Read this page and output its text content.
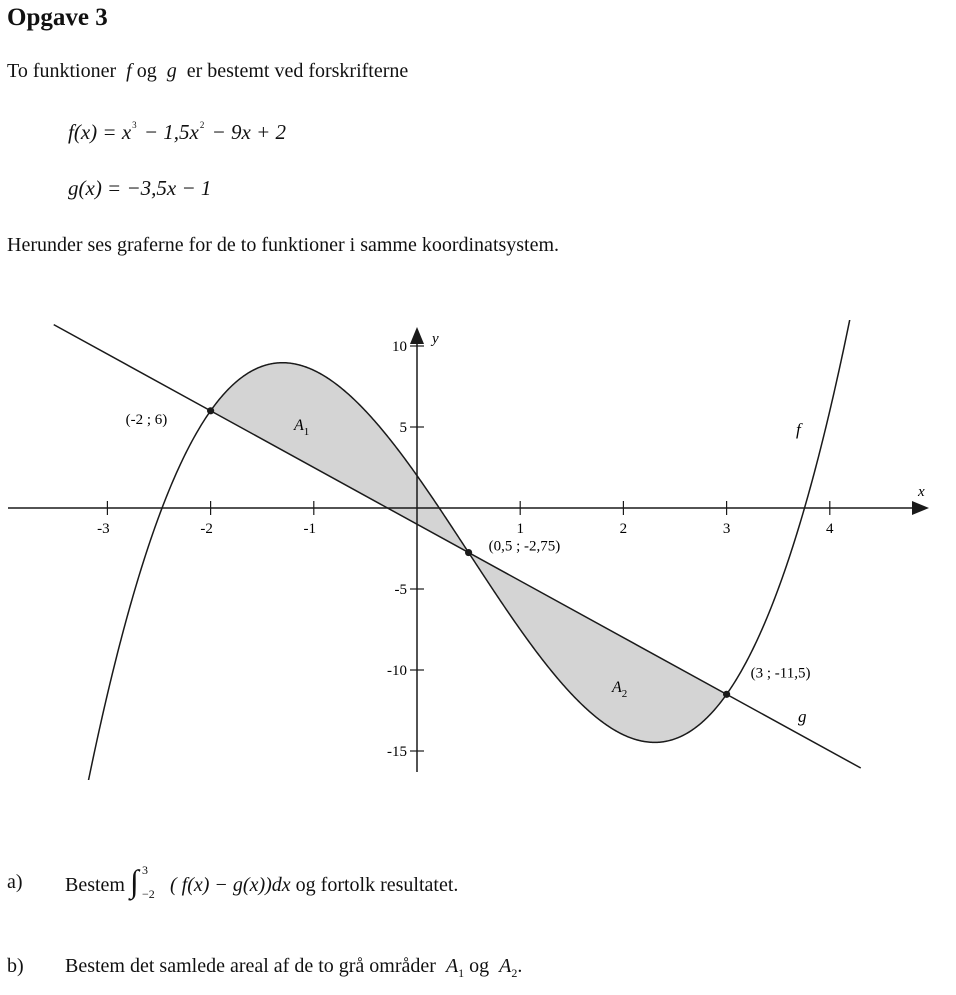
Opgave 3
To funktioner f og g er bestemt ved forskrifterne
$f(x) = x^3 - 1,5x^2 - 9x + 2$
g(x) = −3,5x − 1
Herunder ses graferne for de to funktioner i samme koordinatsystem.
-3	-2	-1	1	2	3	4
10
5
-5
-10
-15
x
y
(-2 ; 6)
(0,5 ; -2,75)
(3 ; -11,5)
f
g
$A_1$
$A_2$
a) Bestem ∫ 3
−2 ( f(x) − g(x))dx og fortolk resultatet.
b) Bestem det samlede areal af de to grå områder $A_1$ og $A_2$.
